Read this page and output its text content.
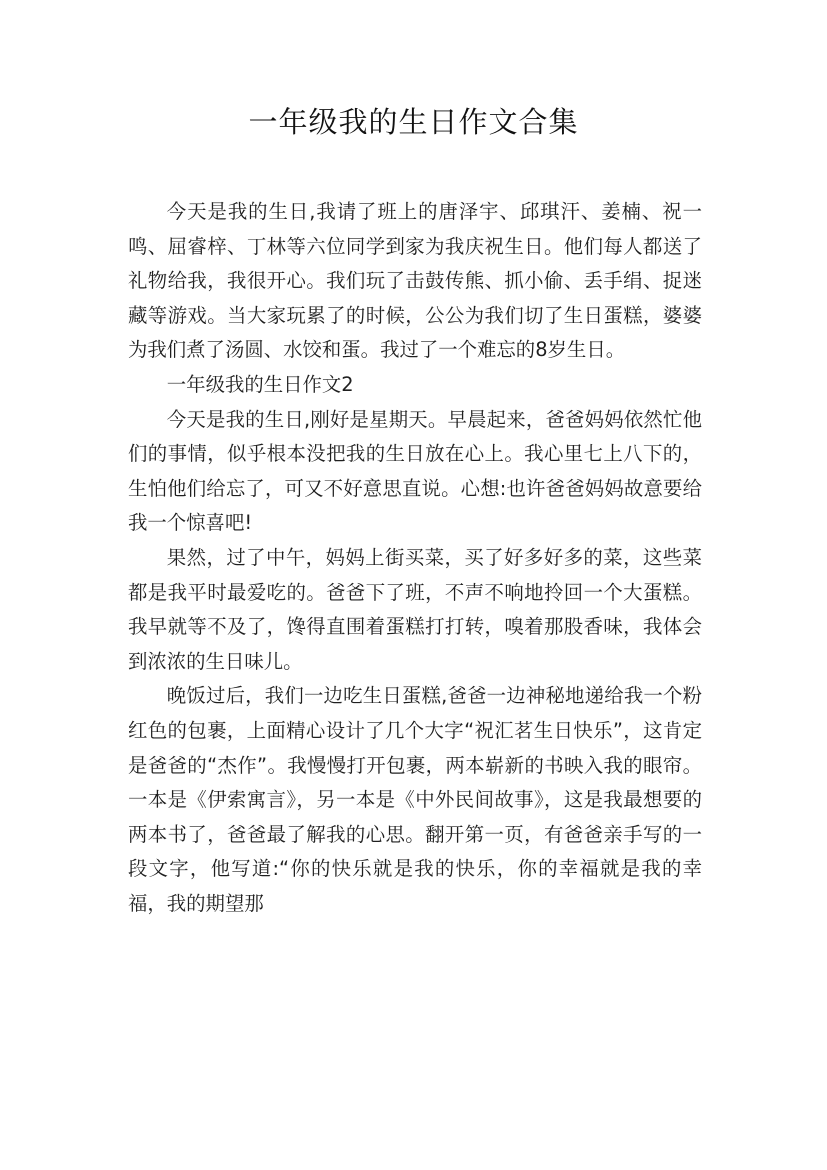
一年级我的生日作文合集

今天是我的生日,我请了班上的唐泽宇、邱琪汗、姜楠、祝一鸣、屈睿梓、丁林等六位同学到家为我庆祝生日。他们每人都送了礼物给我，我很开心。我们玩了击鼓传熊、抓小偷、丢手绢、捉迷藏等游戏。当大家玩累了的时候，公公为我们切了生日蛋糕，婆婆为我们煮了汤圆、水饺和蛋。我过了一个难忘的8岁生日。

一年级我的生日作文2

今天是我的生日,刚好是星期天。早晨起来，爸爸妈妈依然忙他们的事情，似乎根本没把我的生日放在心上。我心里七上八下的，生怕他们给忘了，可又不好意思直说。心想:也许爸爸妈妈故意要给我一个惊喜吧!

果然，过了中午，妈妈上街买菜，买了好多好多的菜，这些菜都是我平时最爱吃的。爸爸下了班，不声不响地拎回一个大蛋糕。我早就等不及了，馋得直围着蛋糕打打转，嗅着那股香味，我体会到浓浓的生日味儿。

晚饭过后，我们一边吃生日蛋糕,爸爸一边神秘地递给我一个粉红色的包裹，上面精心设计了几个大字“祝汇茗生日快乐”，这肯定是爸爸的“杰作”。我慢慢打开包裹，两本崭新的书映入我的眼帘。一本是《伊索寓言》，另一本是《中外民间故事》，这是我最想要的两本书了，爸爸最了解我的心思。翻开第一页，有爸爸亲手写的一段文字，他写道:“你的快乐就是我的快乐，你的幸福就是我的幸福，我的期望那
